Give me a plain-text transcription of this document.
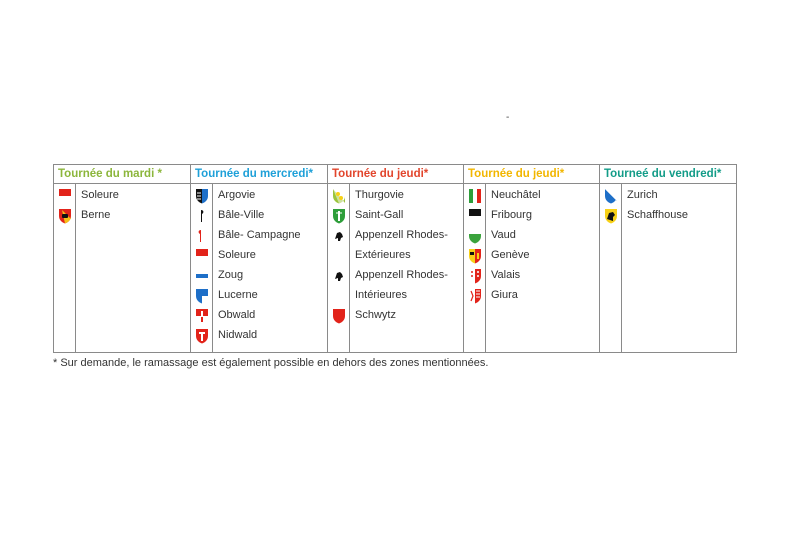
-
Tournée du mardi *
Soleure
Berne
Tournée du mercredi*
Argovie
Bâle-Ville
Bâle- Campagne
Soleure
Zoug
Lucerne
Obwald
Nidwald
Tournée du jeudi*
Thurgovie
Saint-Gall
Appenzell Rhodes-
Extérieures
Appenzell Rhodes-
Intérieures
Schwytz
Tournée du jeudi*
Neuchâtel
Fribourg
Vaud
Genève
Valais
Giura
Tourneé du vendredi*
Zurich
Schaffhouse
* Sur demande, le ramassage est également possible en dehors des zones mentionnées.
